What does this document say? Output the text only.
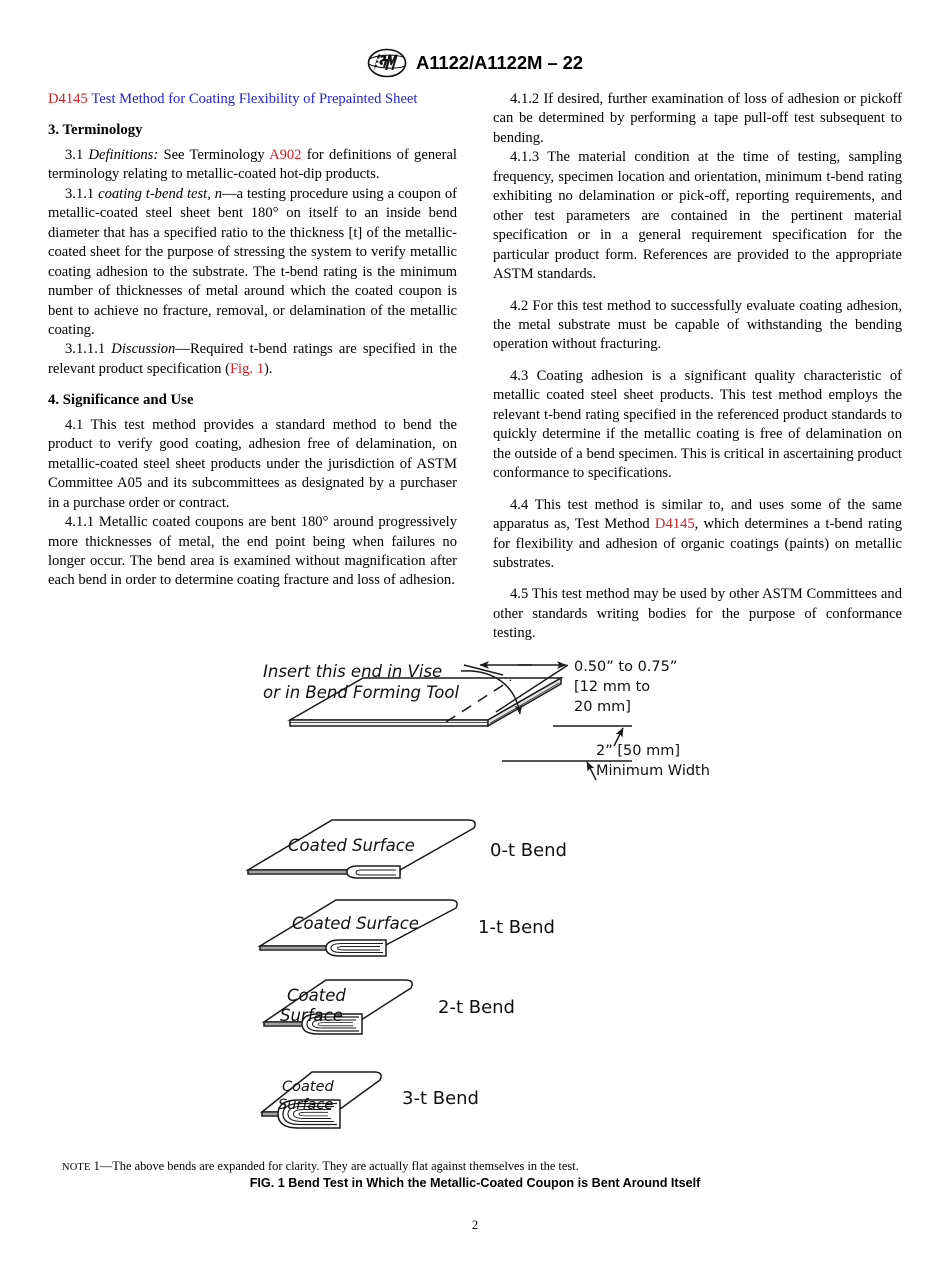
A1122/A1122M – 22

D4145 Test Method for Coating Flexibility of Prepainted Sheet

3. Terminology

3.1 Definitions: See Terminology A902 for definitions of general terminology relating to metallic-coated hot-dip products.

3.1.1 coating t-bend test, n—a testing procedure using a coupon of metallic-coated steel sheet bent 180° on itself to an inside bend diameter that has a specified ratio to the thickness [t] of the metallic-coated sheet for the purpose of stressing the system to verify metallic coating adhesion to the substrate. The t-bend rating is the minimum number of thicknesses of metal around which the coated coupon is bent to achieve no fracture, removal, or delamination of the metallic coating.

3.1.1.1 Discussion—Required t-bend ratings are specified in the relevant product specification (Fig. 1).

4. Significance and Use

4.1 This test method provides a standard method to bend the product to verify good coating, adhesion free of delamination, on metallic-coated steel sheet products under the jurisdiction of ASTM Committee A05 and its subcommittees as designated by a purchaser in a purchase order or contract.

4.1.1 Metallic coated coupons are bent 180° around progressively more thicknesses of metal, the end point being when failures no longer occur. The bend area is examined without magnification after each bend in order to determine coating fracture and loss of adhesion.

4.1.2 If desired, further examination of loss of adhesion or pickoff can be determined by performing a tape pull-off test subsequent to bending.

4.1.3 The material condition at the time of testing, sampling frequency, specimen location and orientation, minimum t-bend rating exhibiting no delamination or pick-off, reporting requirements, and other test parameters are contained in the pertinent material specification or in a general requirement specification for the particular product form. References are provided to the appropriate ASTM standards.

4.2 For this test method to successfully evaluate coating adhesion, the metal substrate must be capable of withstanding the bending operation without fracturing.

4.3 Coating adhesion is a significant quality characteristic of metallic coated steel sheet products. This test method employs the relevant t-bend rating specified in the referenced product standards to quickly determine if the metallic coating is free of delamination on the outside of a bend specimen. This is critical in ascertaining product conformance to specifications.

4.4 This test method is similar to, and uses some of the same apparatus as, Test Method D4145, which determines a t-bend rating for flexibility and adhesion of organic coatings (paints) on metallic substrates.

4.5 This test method may be used by other ASTM Committees and other standards writing bodies for the purpose of conformance testing.

Insert this end in Vise
or in Bend Forming Tool
0.50” to 0.75”
[12 mm to
20 mm]
2” [50 mm]
Minimum Width
Coated Surface	0-t Bend
Coated Surface	1-t Bend
Coated
Surface	2-t Bend
Coated
Surface	3-t Bend
NOTE 1—The above bends are expanded for clarity. They are actually flat against themselves in the test.
FIG. 1 Bend Test in Which the Metallic-Coated Coupon is Bent Around Itself
2
